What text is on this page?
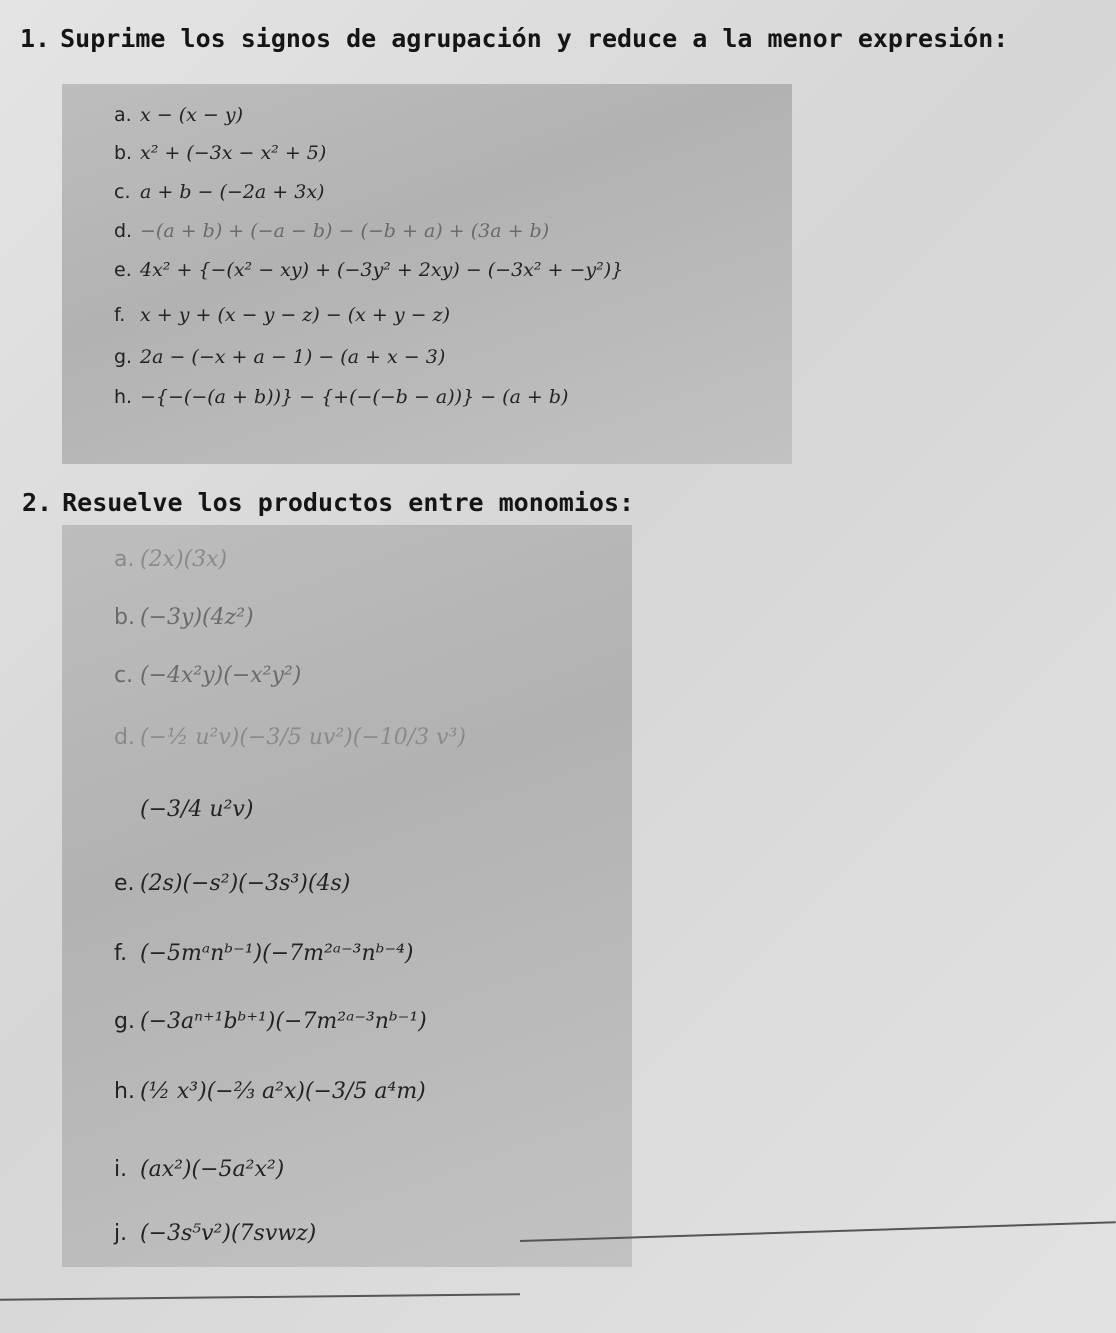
1. Suprime los signos de agrupación y reduce a la menor expresión:
a. x − (x − y)
b. x² + (−3x − x² + 5)
c. a + b − (−2a + 3x)
d. −(a + b) + (−a − b) − (−b + a) + (3a + b)
e. 4x² + {−(x² − xy) + (−3y² + 2xy) − (−3x² + −y²)}
f. x + y + (x − y − z) − (x + y − z)
g. 2a − (−x + a − 1) − (a + x − 3)
h. −{−(−(a + b))} − {+(−(−b − a))} − (a + b)
2. Resuelve los productos entre monomios:
a. (2x)(3x)
b. (−3y)(4z²)
c. (−4x²y)(−x²y²)
d. (−½ u²v)(−3/5 uv²)(−10/3 v³)
(−3/4 u²v)
e. (2s)(−s²)(−3s³)(4s)
f. (−5mᵃnᵇ⁻¹)(−7m²ᵃ⁻³nᵇ⁻⁴)
g. (−3aⁿ⁺¹bᵇ⁺¹)(−7m²ᵃ⁻³nᵇ⁻¹)
h. (½ x³)(−⅔ a²x)(−3/5 a⁴m)
i. (ax²)(−5a²x²)
j. (−3s⁵v²)(7svwz)
